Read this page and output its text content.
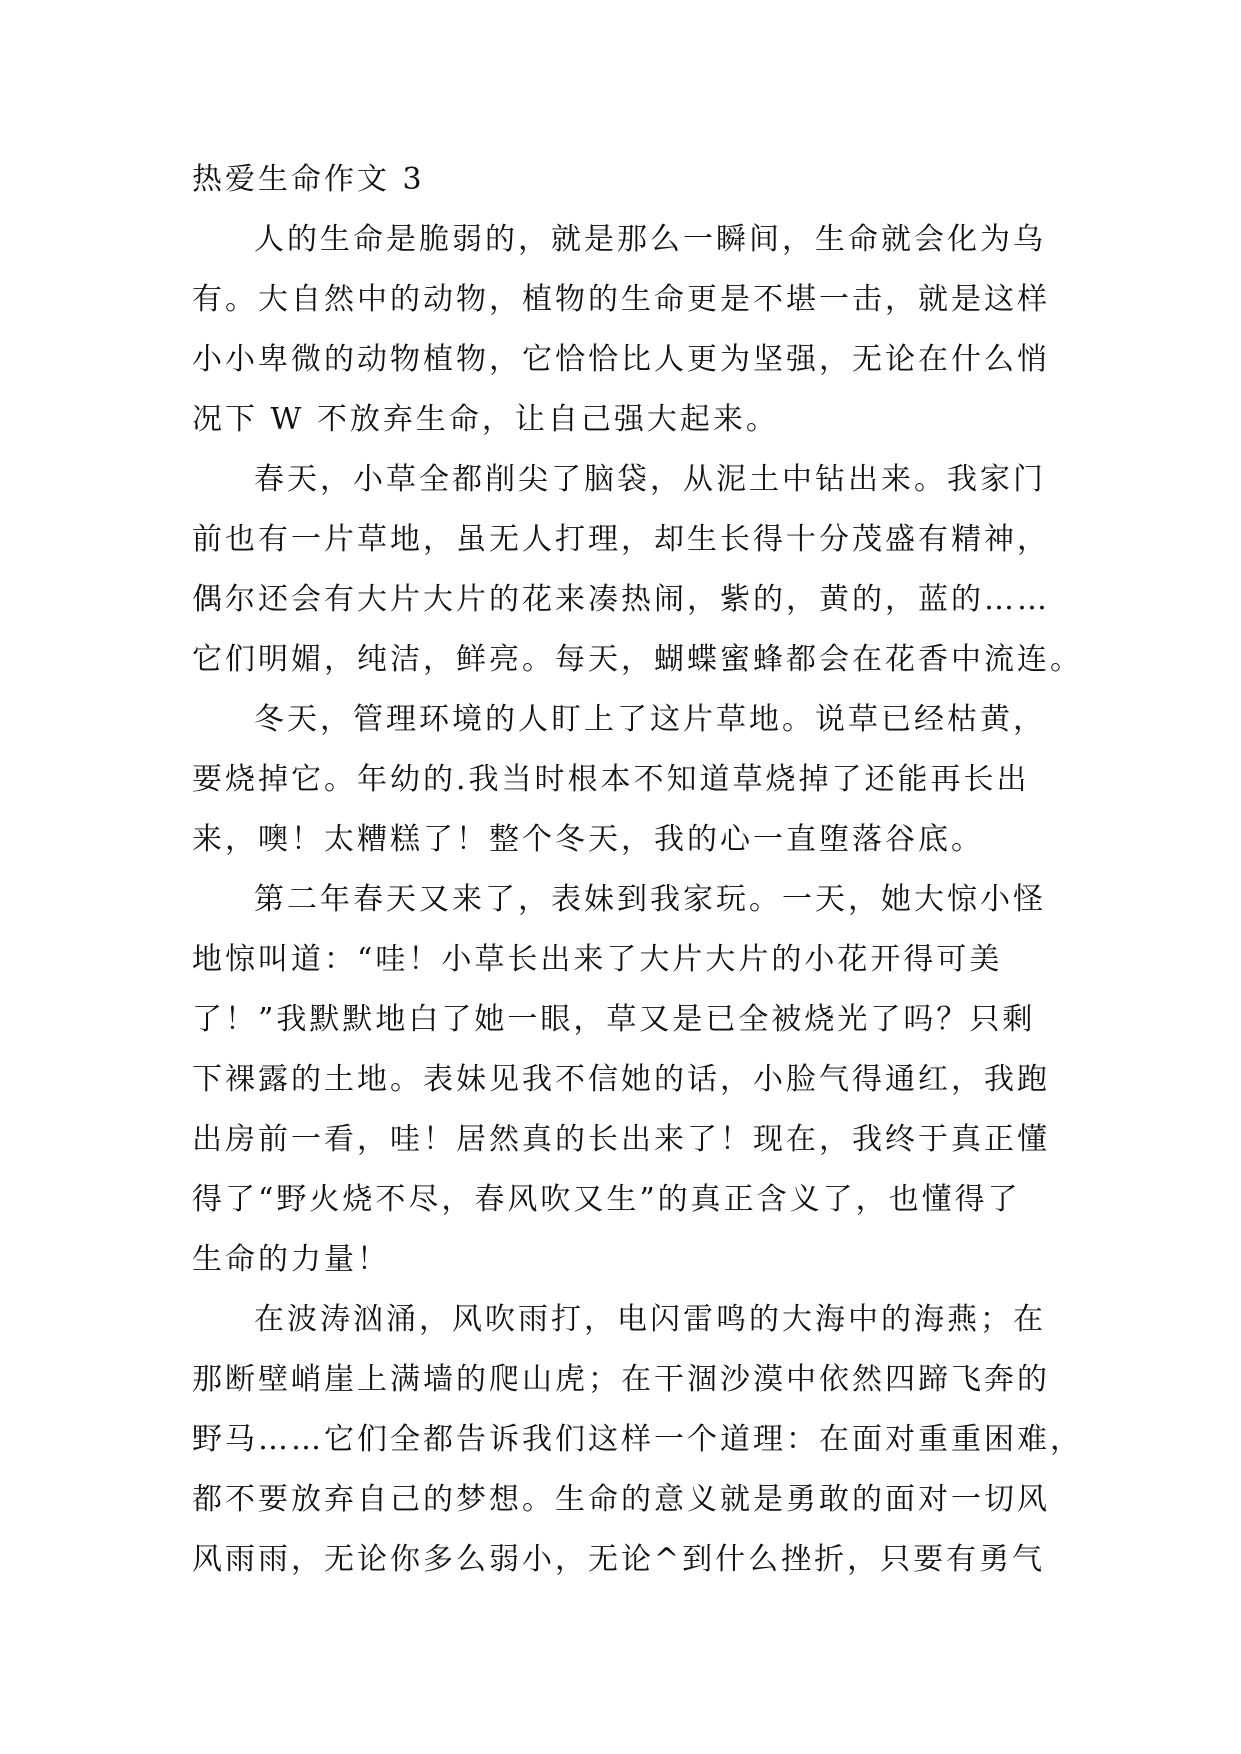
热爱生命作文 3
人的生命是脆弱的，就是那么一瞬间，生命就会化为乌
有。大自然中的动物，植物的生命更是不堪一击，就是这样
小小卑微的动物植物，它恰恰比人更为坚强，无论在什么悄
况下 W 不放弃生命，让自己强大起来。
春天，小草全都削尖了脑袋，从泥土中钻出来。我家门
前也有一片草地，虽无人打理，却生长得十分茂盛有精神，
偶尔还会有大片大片的花来凑热闹，紫的，黄的，蓝的……
它们明媚，纯洁，鲜亮。每天，蝴蝶蜜蜂都会在花香中流连。
冬天，管理环境的人盯上了这片草地。说草已经枯黄，
要烧掉它。年幼的.我当时根本不知道草烧掉了还能再长出
来，噢！太糟糕了！整个冬天，我的心一直堕落谷底。
第二年春天又来了，表妹到我家玩。一天，她大惊小怪
地惊叫道：“哇！小草长出来了大片大片的小花开得可美
了！”我默默地白了她一眼，草又是已全被烧光了吗？只剩
下裸露的土地。表妹见我不信她的话，小脸气得通红，我跑
出房前一看，哇！居然真的长出来了！现在，我终于真正懂
得了“野火烧不尽，春风吹又生”的真正含义了，也懂得了
生命的力量！
在波涛汹涌，风吹雨打，电闪雷鸣的大海中的海燕；在
那断壁峭崖上满墙的爬山虎；在干涸沙漠中依然四蹄飞奔的
野马……它们全都告诉我们这样一个道理：在面对重重困难，
都不要放弃自己的梦想。生命的意义就是勇敢的面对一切风
风雨雨，无论你多么弱小，无论^到什么挫折，只要有勇气
